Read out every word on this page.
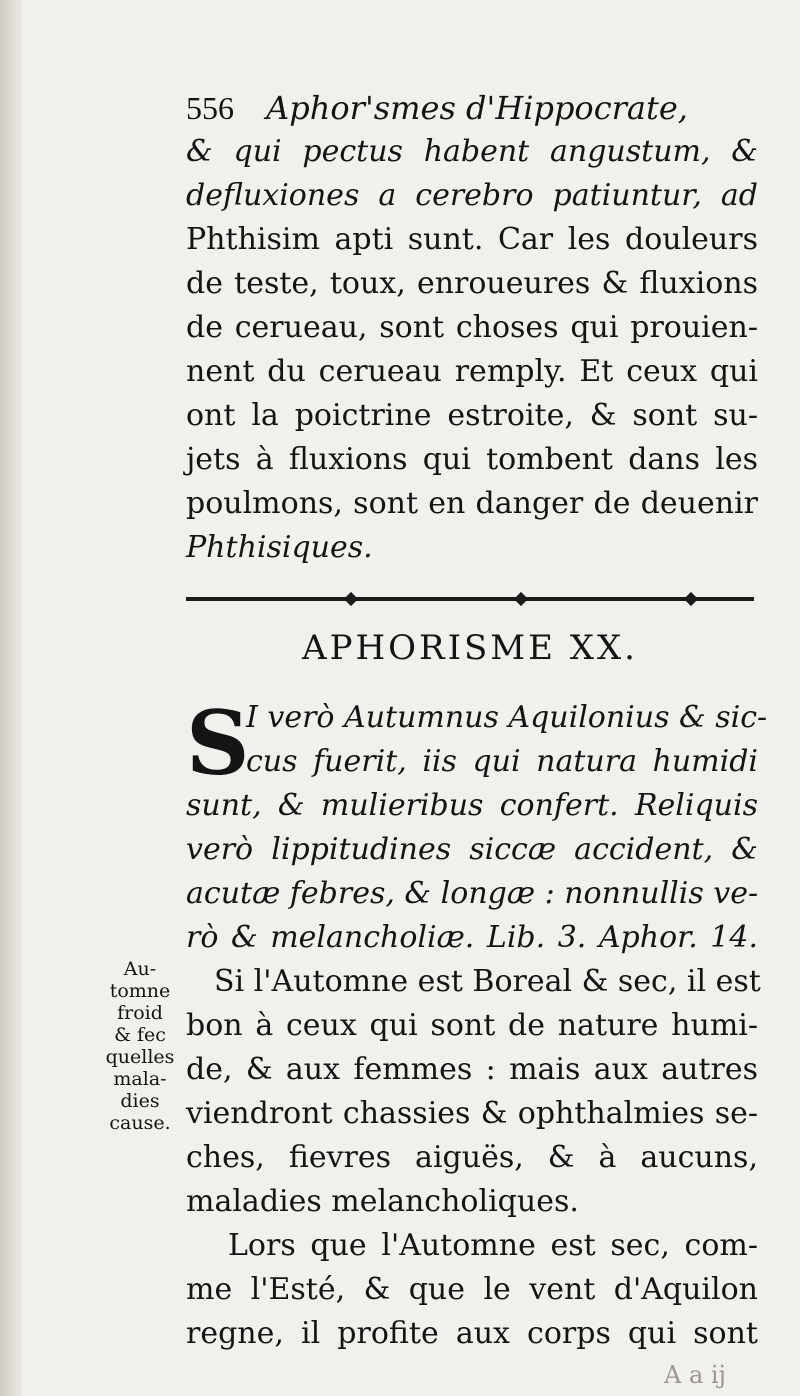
556 Aphor'smes d'Hippocrate,
& qui pectus habent angustum, &
defluxiones a cerebro patiuntur, ad
Phthisim apti sunt. Car les douleurs
de teste, toux, enroueures & fluxions
de cerueau, sont choses qui prouien-
nent du cerueau remply. Et ceux qui
ont la poictrine estroite, & sont su-
jets à fluxions qui tombent dans les
poulmons, sont en danger de deuenir
Phthisiques.
APHORISME XX.
S
I verò Autumnus Aquilonius & sic-
cus fuerit, iis qui natura humidi
sunt, & mulieribus confert. Reliquis
verò lippitudines siccæ accident, &
acutæ febres, & longæ : nonnullis ve-
rò & melancholiæ. Lib. 3. Aphor. 14.
Au-
tomne
froid
& fec
quelles
mala-
dies
cause.
Si l'Automne est Boreal & sec, il est
bon à ceux qui sont de nature humi-
de, & aux femmes : mais aux autres
viendront chassies & ophthalmies se-
ches, fievres aiguës, & à aucuns,
maladies melancholiques.
Lors que l'Automne est sec, com-
me l'Esté, & que le vent d'Aquilon
regne, il profite aux corps qui sont
A a ij
